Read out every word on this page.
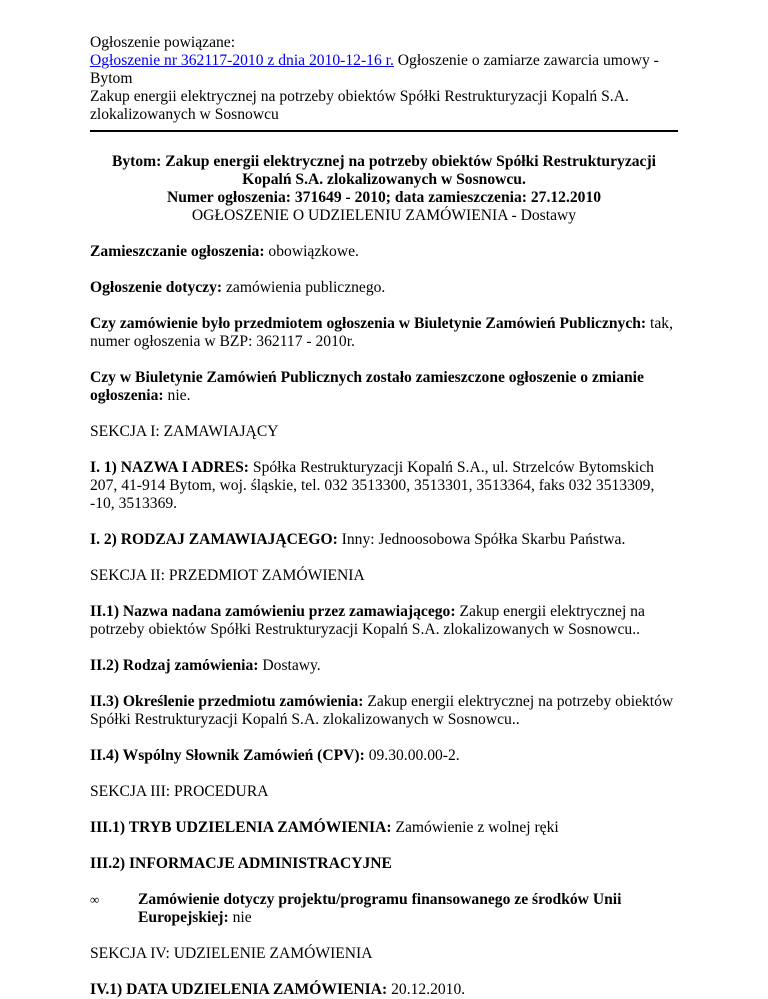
Ogłoszenie powiązane:
Ogłoszenie nr 362117-2010 z dnia 2010-12-16 r. Ogłoszenie o zamiarze zawarcia umowy -
Bytom
Zakup energii elektrycznej na potrzeby obiektów Spółki Restrukturyzacji Kopalń S.A.
zlokalizowanych w Sosnowcu
Bytom: Zakup energii elektrycznej na potrzeby obiektów Spółki Restrukturyzacji
Kopalń S.A. zlokalizowanych w Sosnowcu.
Numer ogłoszenia: 371649 - 2010; data zamieszczenia: 27.12.2010
OGŁOSZENIE O UDZIELENIU ZAMÓWIENIA - Dostawy

Zamieszczanie ogłoszenia: obowiązkowe.

Ogłoszenie dotyczy: zamówienia publicznego.

Czy zamówienie było przedmiotem ogłoszenia w Biuletynie Zamówień Publicznych: tak, numer ogłoszenia w BZP: 362117 - 2010r.

Czy w Biuletynie Zamówień Publicznych zostało zamieszczone ogłoszenie o zmianie ogłoszenia: nie.

SEKCJA I: ZAMAWIAJĄCY

I. 1) NAZWA I ADRES: Spółka Restrukturyzacji Kopalń S.A., ul. Strzelców Bytomskich 207, 41-914 Bytom, woj. śląskie, tel. 032 3513300, 3513301, 3513364, faks 032 3513309, -10, 3513369.

I. 2) RODZAJ ZAMAWIAJĄCEGO: Inny: Jednoosobowa Spółka Skarbu Państwa.

SEKCJA II: PRZEDMIOT ZAMÓWIENIA

II.1) Nazwa nadana zamówieniu przez zamawiającego: Zakup energii elektrycznej na potrzeby obiektów Spółki Restrukturyzacji Kopalń S.A. zlokalizowanych w Sosnowcu..

II.2) Rodzaj zamówienia: Dostawy.

II.3) Określenie przedmiotu zamówienia: Zakup energii elektrycznej na potrzeby obiektów Spółki Restrukturyzacji Kopalń S.A. zlokalizowanych w Sosnowcu..

II.4) Wspólny Słownik Zamówień (CPV): 09.30.00.00-2.

SEKCJA III: PROCEDURA

III.1) TRYB UDZIELENIA ZAMÓWIENIA: Zamówienie z wolnej ręki

III.2) INFORMACJE ADMINISTRACYJNE

∞	Zamówienie dotyczy projektu/programu finansowanego ze środków Unii Europejskiej: nie

SEKCJA IV: UDZIELENIE ZAMÓWIENIA

IV.1) DATA UDZIELENIA ZAMÓWIENIA: 20.12.2010.
